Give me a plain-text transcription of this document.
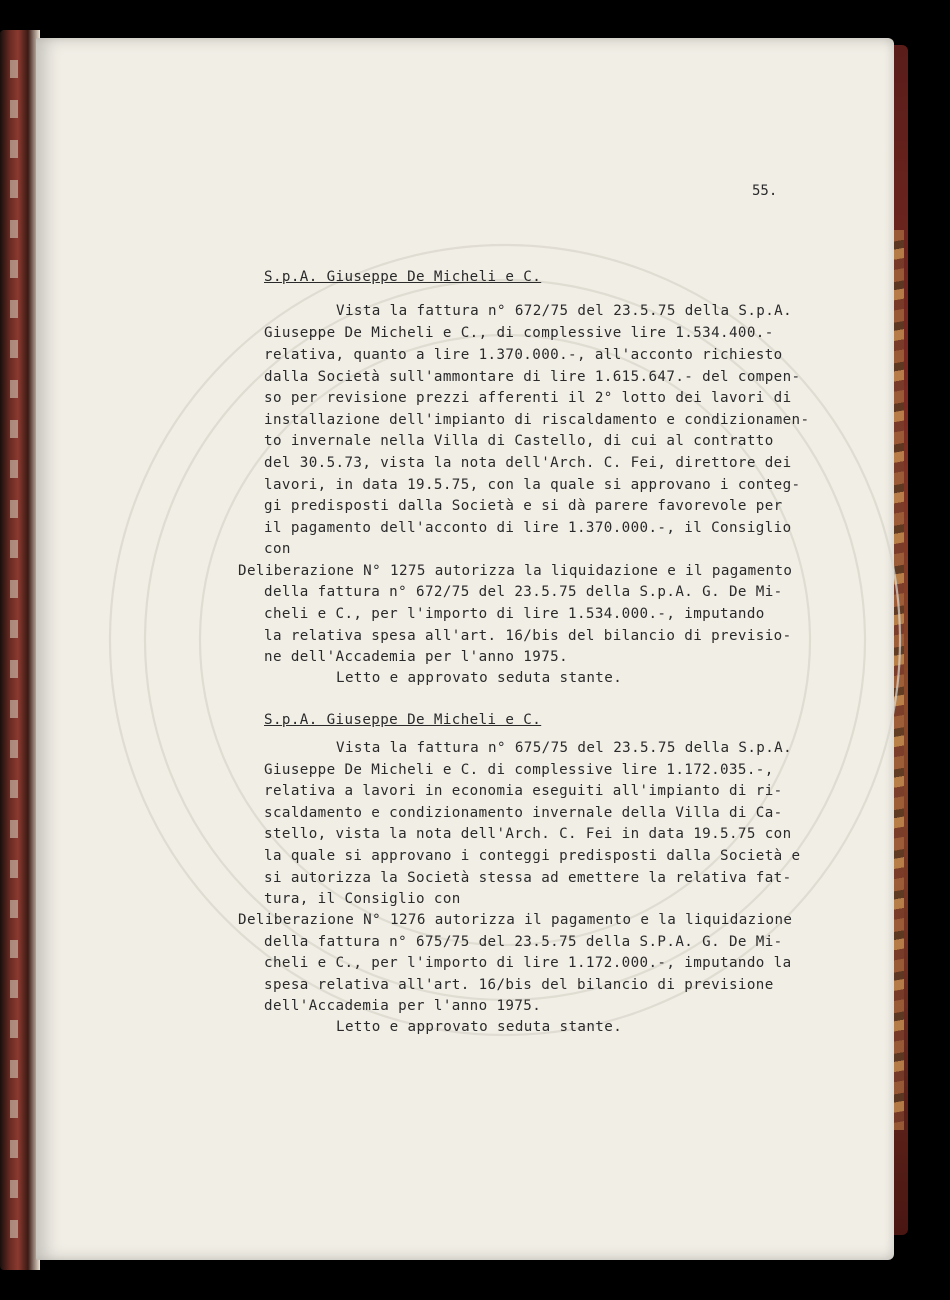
55.
S.p.A. Giuseppe De Micheli e C.
Vista la fattura n° 672/75 del 23.5.75 della S.p.A.
Giuseppe De Micheli e C., di complessive lire 1.534.400.-
relativa, quanto a lire 1.370.000.-, all'acconto richiesto
dalla Società sull'ammontare di lire 1.615.647.- del compen-
so per revisione prezzi afferenti il 2° lotto dei lavori di
installazione dell'impianto di riscaldamento e condizionamen-
to invernale nella Villa di Castello, di cui al contratto
del 30.5.73, vista la nota dell'Arch. C. Fei, direttore dei
lavori, in data 19.5.75, con la quale si approvano i conteg-
gi predisposti dalla Società e si dà parere favorevole per
il pagamento dell'acconto di lire 1.370.000.-, il Consiglio
con
Deliberazione N° 1275 autorizza la liquidazione e il pagamento
della fattura n° 672/75 del 23.5.75 della S.p.A. G. De Mi-
cheli e C., per l'importo di lire 1.534.000.-, imputando
la relativa spesa all'art. 16/bis del bilancio di previsio-
ne dell'Accademia per l'anno 1975.
Letto e approvato seduta stante.
S.p.A. Giuseppe De Micheli e C.
Vista la fattura n° 675/75 del 23.5.75 della S.p.A.
Giuseppe De Micheli e C. di complessive lire 1.172.035.-,
relativa a lavori in economia eseguiti all'impianto di ri-
scaldamento e condizionamento invernale della Villa di Ca-
stello, vista la nota dell'Arch. C. Fei in data 19.5.75 con
la quale si approvano i conteggi predisposti dalla Società e
si autorizza la Società stessa ad emettere la relativa fat-
tura, il Consiglio con
Deliberazione N° 1276 autorizza il pagamento e la liquidazione
della fattura n° 675/75 del 23.5.75 della S.P.A. G. De Mi-
cheli e C., per l'importo di lire 1.172.000.-, imputando la
spesa relativa all'art. 16/bis del bilancio di previsione
dell'Accademia per l'anno 1975.
Letto e approvato seduta stante.
